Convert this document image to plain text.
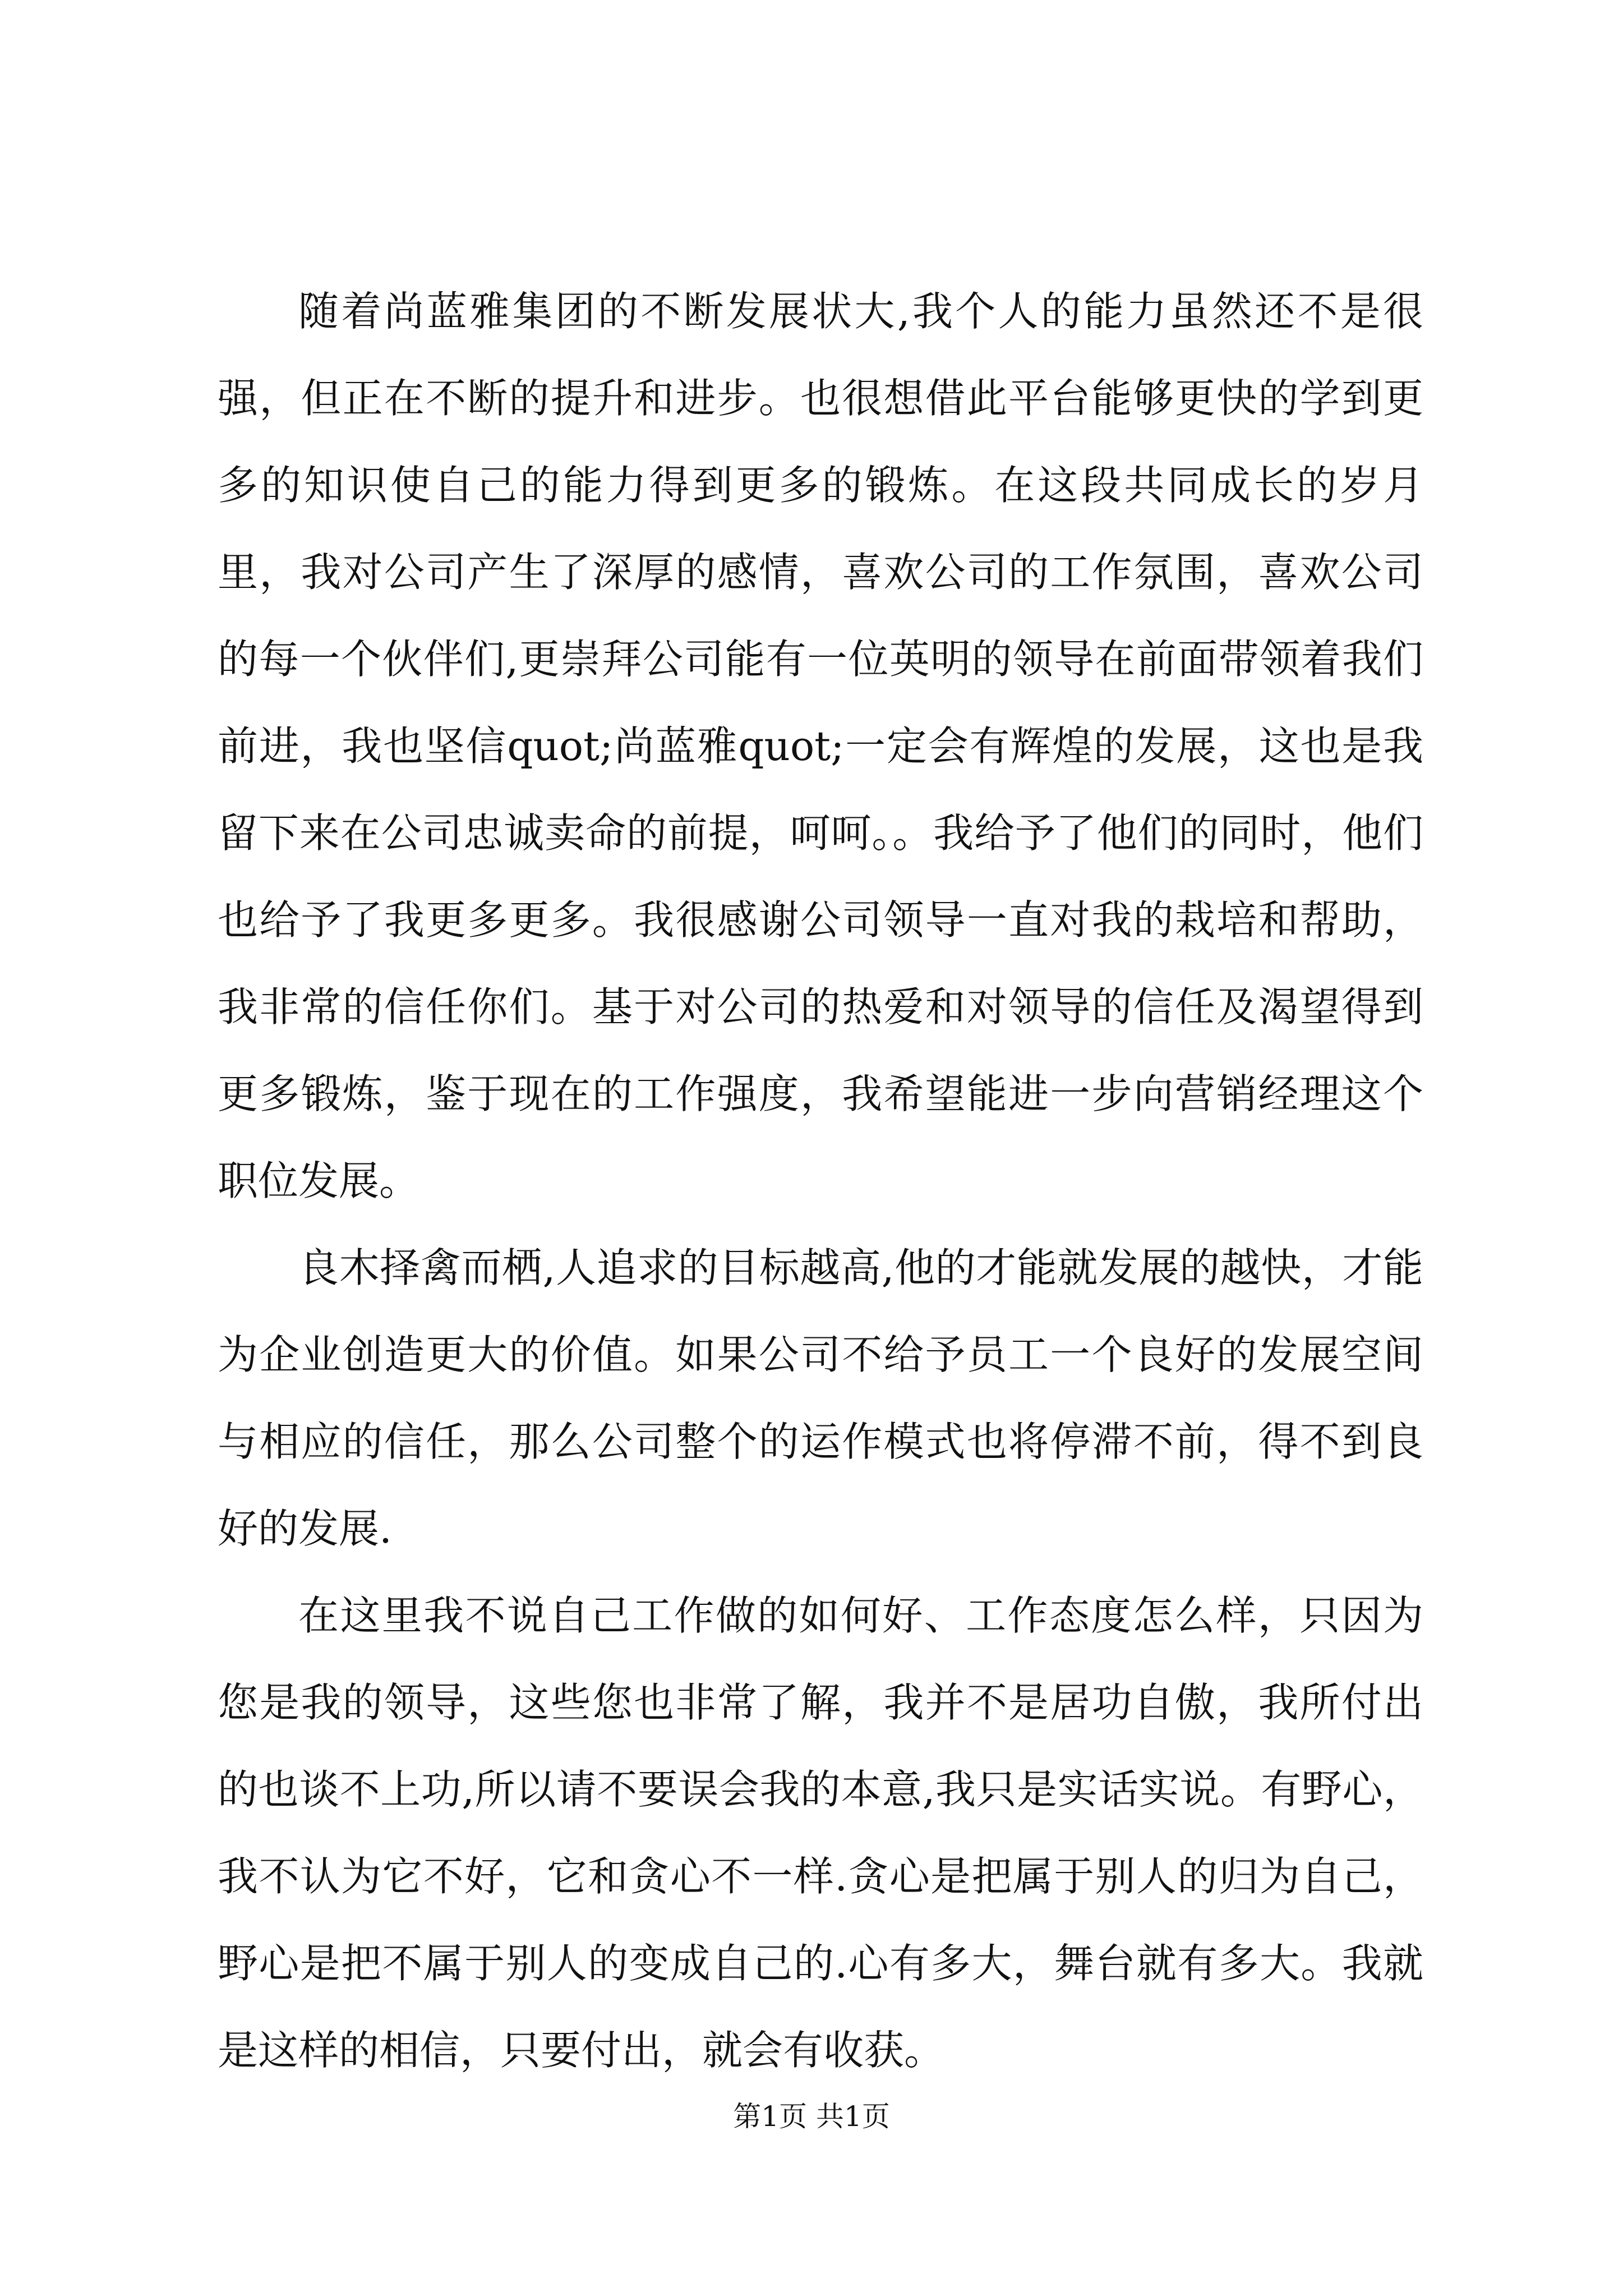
随着尚蓝雅集团的不断发展状大,我个人的能力虽然还不是很强，但正在不断的提升和进步。也很想借此平台能够更快的学到更多的知识使自己的能力得到更多的锻炼。在这段共同成长的岁月里，我对公司产生了深厚的感情，喜欢公司的工作氛围，喜欢公司的每一个伙伴们,更崇拜公司能有一位英明的领导在前面带领着我们前进，我也坚信quot;尚蓝雅quot;一定会有辉煌的发展，这也是我留下来在公司忠诚卖命的前提，呵呵。。我给予了他们的同时，他们也给予了我更多更多。我很感谢公司领导一直对我的栽培和帮助，我非常的信任你们。基于对公司的热爱和对领导的信任及渴望得到更多锻炼，鉴于现在的工作强度，我希望能进一步向营销经理这个职位发展。

良木择禽而栖,人追求的目标越高,他的才能就发展的越快，才能为企业创造更大的价值。如果公司不给予员工一个良好的发展空间与相应的信任，那么公司整个的运作模式也将停滞不前，得不到良好的发展.

在这里我不说自己工作做的如何好、工作态度怎么样，只因为您是我的领导，这些您也非常了解，我并不是居功自傲，我所付出的也谈不上功,所以请不要误会我的本意,我只是实话实说。有野心，我不认为它不好，它和贪心不一样.贪心是把属于别人的归为自己，野心是把不属于别人的变成自己的.心有多大，舞台就有多大。我就是这样的相信，只要付出，就会有收获。

第1页 共1页
